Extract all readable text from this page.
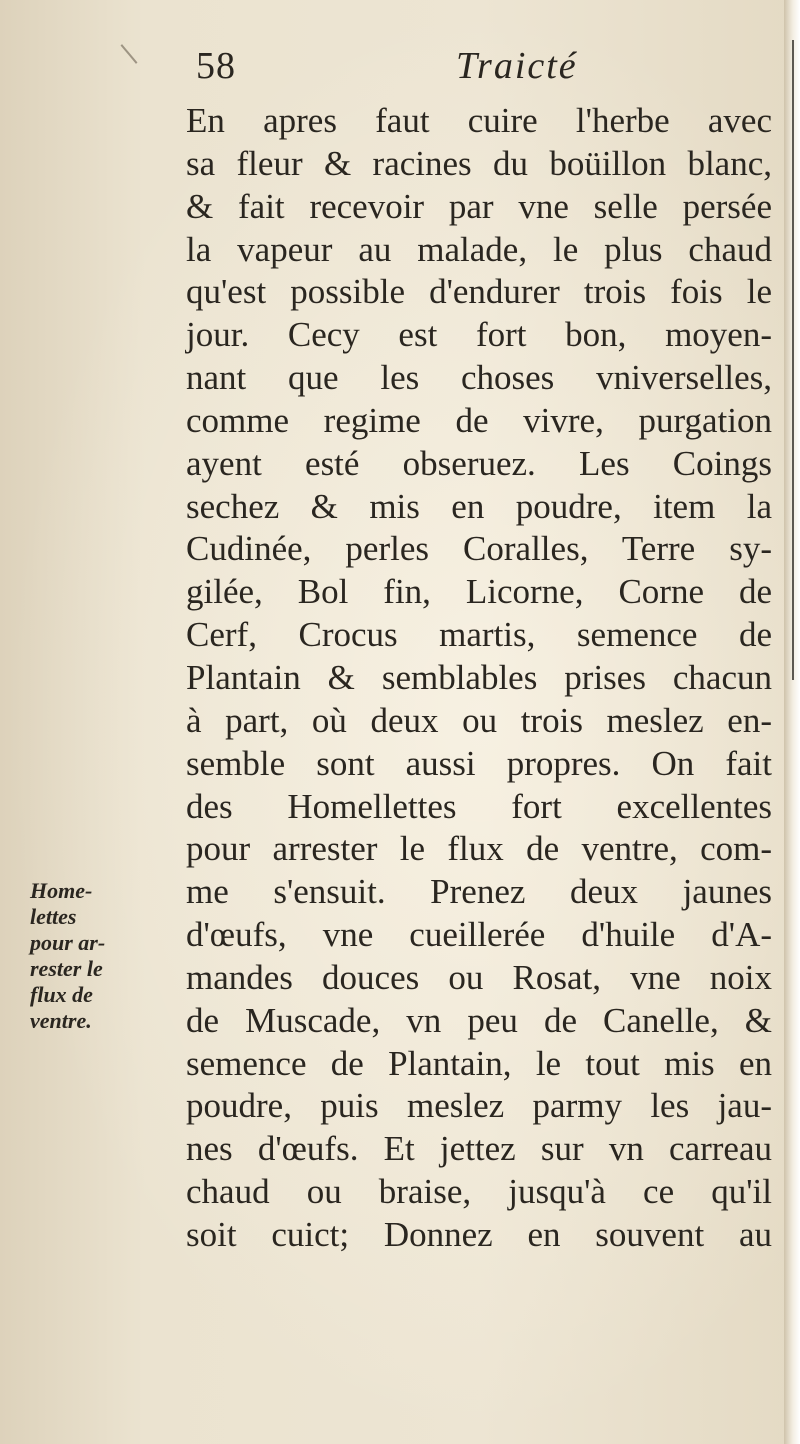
58	Traicté
En apres faut cuire l'herbe avec
sa fleur & racines du boüillon blanc,
& fait recevoir par vne selle persée
la vapeur au malade, le plus chaud
qu'est possible d'endurer trois fois le
jour. Cecy est fort bon, moyen-
nant que les choses vniverselles,
comme regime de vivre, purgation
ayent esté obseruez. Les Coings
sechez & mis en poudre, item la
Cudinée, perles Coralles, Terre sy-
gilée, Bol fin, Licorne, Corne de
Cerf, Crocus martis, semence de
Plantain & semblables prises chacun
à part, où deux ou trois meslez en-
semble sont aussi propres. On fait
des Homellettes fort excellentes
pour arrester le flux de ventre, com-
me s'ensuit. Prenez deux jaunes
d'œufs, vne cueillerée d'huile d'A-
mandes douces ou Rosat, vne noix
de Muscade, vn peu de Canelle, &
semence de Plantain, le tout mis en
poudre, puis meslez parmy les jau-
nes d'œufs. Et jettez sur vn carreau
chaud ou braise, jusqu'à ce qu'il
soit cuict; Donnez en souvent au
Home-
lettes
pour ar-
rester le
flux de
ventre.
